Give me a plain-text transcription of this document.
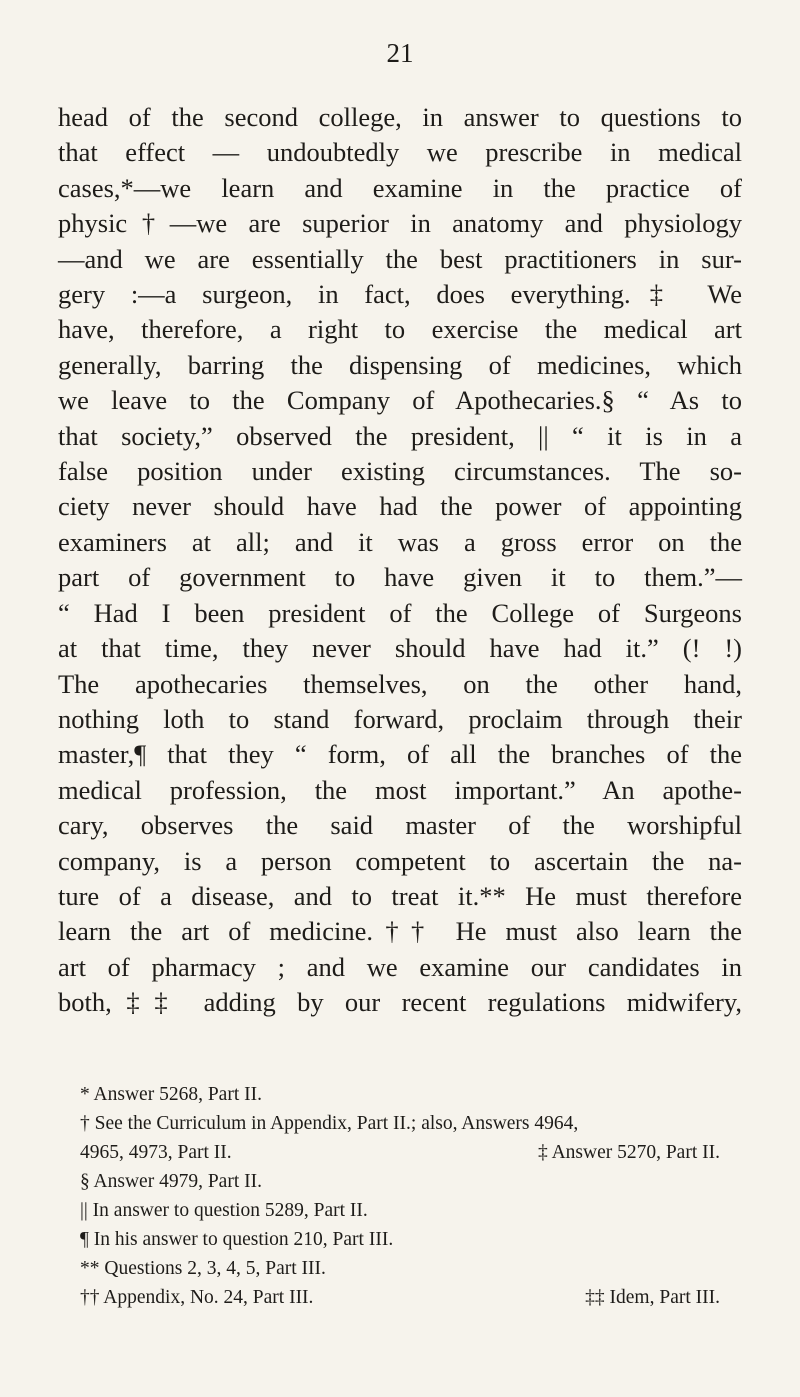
21
head of the second college, in answer to questions to
that effect — undoubtedly we prescribe in medical
cases,*—we learn and examine in the practice of
physic†—we are superior in anatomy and physiology
—and we are essentially the best practitioners in sur-
gery :—a surgeon, in fact, does everything.‡ We
have, therefore, a right to exercise the medical art
generally, barring the dispensing of medicines, which
we leave to the Company of Apothecaries.§ “ As to
that society,” observed the president, || “ it is in a
false position under existing circumstances. The so-
ciety never should have had the power of appointing
examiners at all; and it was a gross error on the
part of government to have given it to them.”—
“ Had I been president of the College of Surgeons
at that time, they never should have had it.” (! !)
The apothecaries themselves, on the other hand,
nothing loth to stand forward, proclaim through their
master,¶ that they “ form, of all the branches of the
medical profession, the most important.” An apothe-
cary, observes the said master of the worshipful
company, is a person competent to ascertain the na-
ture of a disease, and to treat it.** He must therefore
learn the art of medicine.†† He must also learn the
art of pharmacy ; and we examine our candidates in
both,‡‡ adding by our recent regulations midwifery,
* Answer 5268, Part II.
† See the Curriculum in Appendix, Part II.; also, Answers 4964,
4965, 4973, Part II.	‡ Answer 5270, Part II.
§ Answer 4979, Part II.
|| In answer to question 5289, Part II.
¶ In his answer to question 210, Part III.
** Questions 2, 3, 4, 5, Part III.
†† Appendix, No. 24, Part III.	‡‡ Idem, Part III.
